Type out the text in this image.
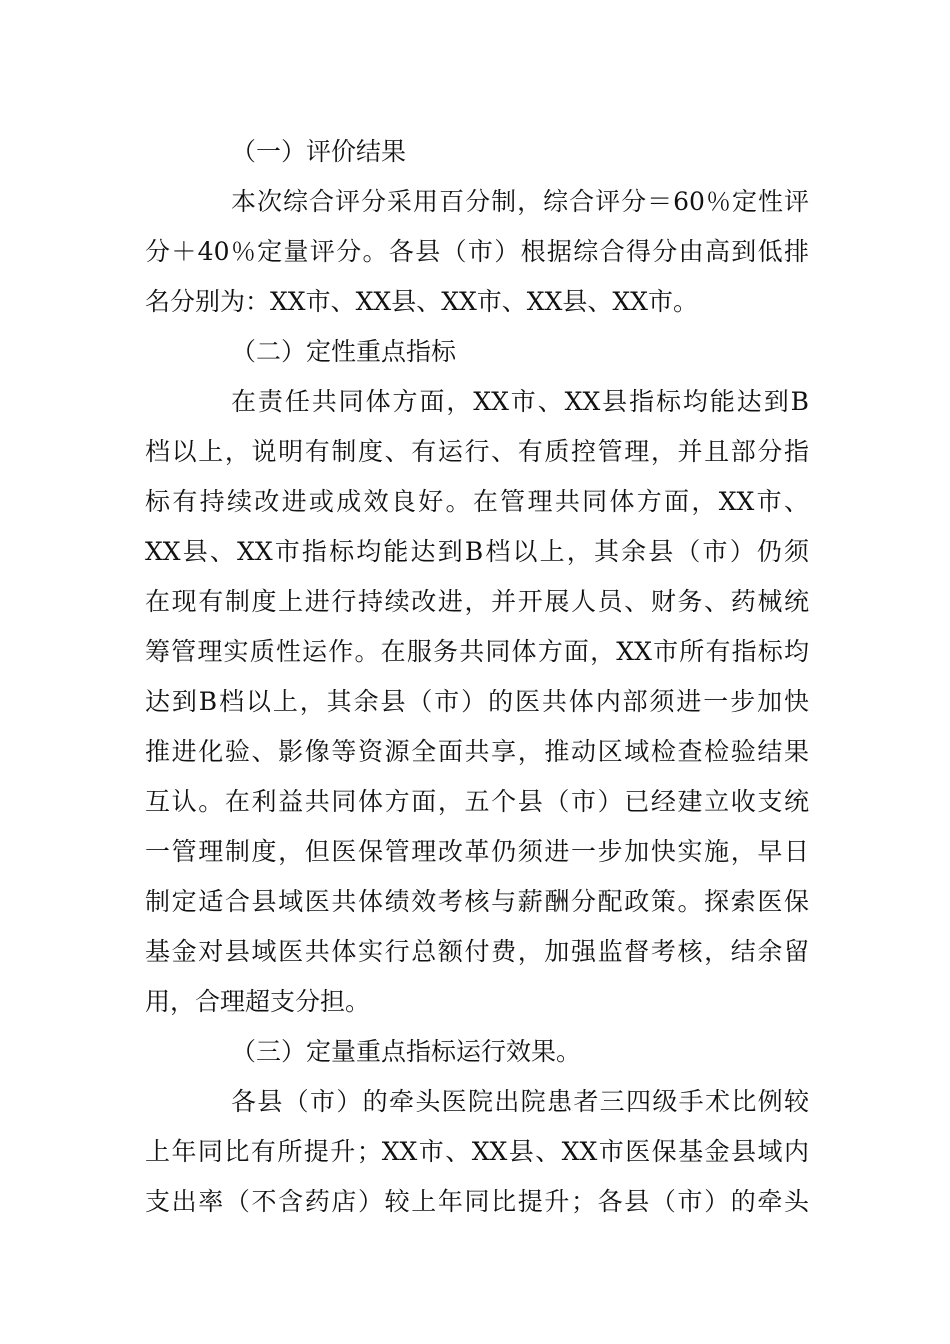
（一）评价结果
本次综合评分采用百分制，综合评分＝60％定性评
分＋40％定量评分。各县（市）根据综合得分由高到低排
名分别为：XX市、XX县、XX市、XX县、XX市。
（二）定性重点指标
在责任共同体方面，XX市、XX县指标均能达到B
档以上，说明有制度、有运行、有质控管理，并且部分指
标有持续改进或成效良好。在管理共同体方面，XX市、
XX县、XX市指标均能达到B档以上，其余县（市）仍须
在现有制度上进行持续改进，并开展人员、财务、药械统
筹管理实质性运作。在服务共同体方面，XX市所有指标均
达到B档以上，其余县（市）的医共体内部须进一步加快
推进化验、影像等资源全面共享，推动区域检查检验结果
互认。在利益共同体方面，五个县（市）已经建立收支统
一管理制度，但医保管理改革仍须进一步加快实施，早日
制定适合县域医共体绩效考核与薪酬分配政策。探索医保
基金对县域医共体实行总额付费，加强监督考核，结余留
用，合理超支分担。
（三）定量重点指标运行效果。
各县（市）的牵头医院出院患者三四级手术比例较
上年同比有所提升；XX市、XX县、XX市医保基金县域内
支出率（不含药店）较上年同比提升；各县（市）的牵头
